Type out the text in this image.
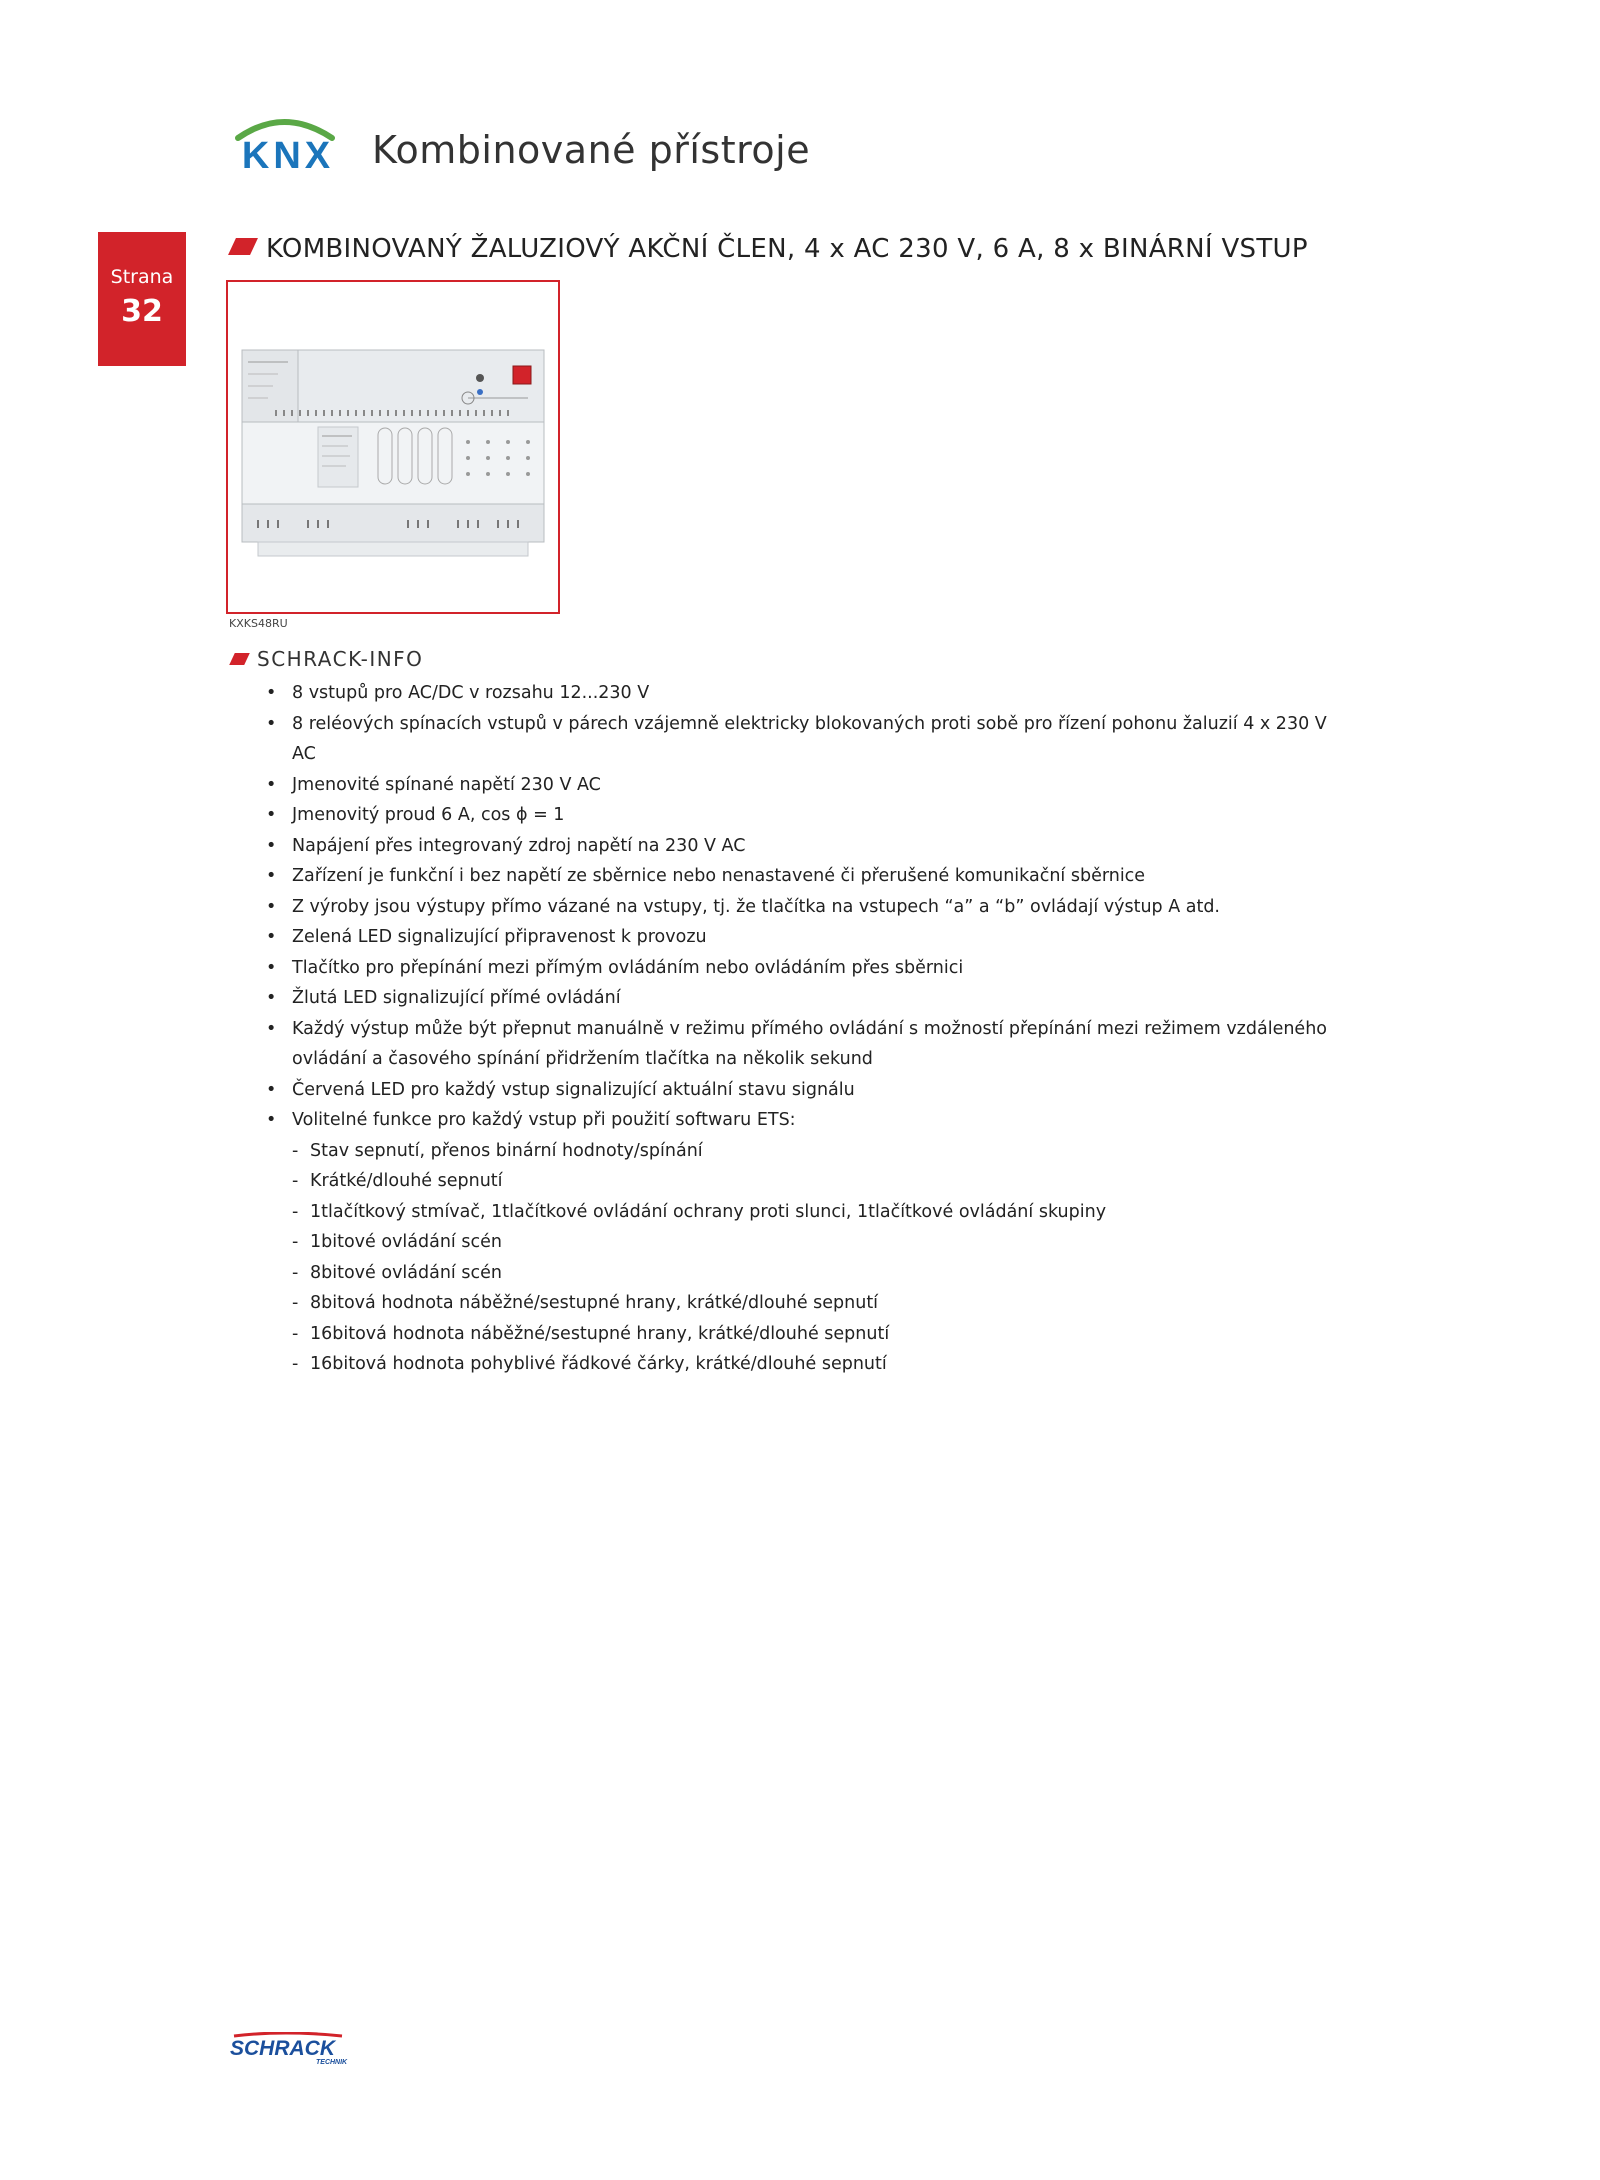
KNX Kombinované přístroje
Strana
32
KOMBINOVANÝ ŽALUZIOVÝ AKČNÍ ČLEN, 4 x AC 230 V, 6 A, 8 x BINÁRNÍ VSTUP
KXKS48RU
SCHRACK-INFO
• 8 vstupů pro AC/DC v rozsahu 12...230 V
• 8 reléových spínacích vstupů v párech vzájemně elektricky blokovaných proti sobě pro řízení pohonu žaluzií 4 x 230 V AC
• Jmenovité spínané napětí 230 V AC
• Jmenovitý proud 6 A, cos ϕ = 1
• Napájení přes integrovaný zdroj napětí na 230 V AC
• Zařízení je funkční i bez napětí ze sběrnice nebo nenastavené či přerušené komunikační sběrnice
• Z výroby jsou výstupy přímo vázané na vstupy, tj. že tlačítka na vstupech “a” a “b” ovládají výstup A atd.
• Zelená LED signalizující připravenost k provozu
• Tlačítko pro přepínání mezi přímým ovládáním nebo ovládáním přes sběrnici
• Žlutá LED signalizující přímé ovládání
• Každý výstup může být přepnut manuálně v režimu přímého ovládání s možností přepínání mezi režimem vzdáleného ovládání a časového spínání přidržením tlačítka na několik sekund
• Červená LED pro každý vstup signalizující aktuální stavu signálu
• Volitelné funkce pro každý vstup při použití softwaru ETS:
- Stav sepnutí, přenos binární hodnoty/spínání
- Krátké/dlouhé sepnutí
- 1tlačítkový stmívač, 1tlačítkové ovládání ochrany proti slunci, 1tlačítkové ovládání skupiny
- 1bitové ovládání scén
- 8bitové ovládání scén
- 8bitová hodnota náběžné/sestupné hrany, krátké/dlouhé sepnutí
- 16bitová hodnota náběžné/sestupné hrany, krátké/dlouhé sepnutí
- 16bitová hodnota pohyblivé řádkové čárky, krátké/dlouhé sepnutí
SCHRACK
TECHNIK
